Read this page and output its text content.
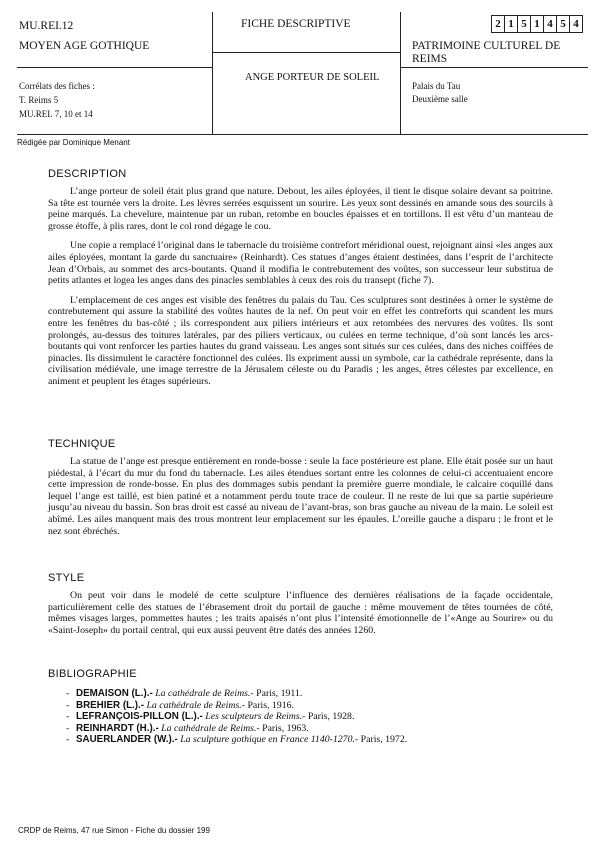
MU.REI.12
MOYEN AGE GOTHIQUE
Corrélats des fiches :
T. Reims 5
MU.REI. 7, 10 et 14
FICHE DESCRIPTIVE
ANGE PORTEUR DE SOLEIL
2 1 5 1 4 5 4
PATRIMOINE CULTUREL DE
REIMS
Palais du Tau
Deuxième salle
Rédigée par Dominique Menant
DESCRIPTION

L’ange porteur de soleil était plus grand que nature. Debout, les ailes éployées, il tient le disque solaire devant sa poitrine. Sa tête est tournée vers la droite. Les lèvres serrées esquissent un sourire. Les yeux sont dessinés en amande sous des sourcils à peine marqués. La chevelure, maintenue par un ruban, retombe en boucles épaisses et en tortillons. Il est vêtu d’un manteau de grosse étoffe, à plis rares, dont le col rond dégage le cou.

Une copie a remplacé l’original dans le tabernacle du troisième contrefort méridional ouest, rejoignant ainsi «les anges aux ailes éployées, montant la garde du sanctuaire» (Reinhardt). Ces statues d’anges étaient destinées, dans l’esprit de l’architecte Jean d’Orbais, au sommet des arcs-boutants. Quand il modifia le contrebutement des voûtes, son successeur leur substitua de petits atlantes et logea les anges dans des pinacles semblables à ceux des rois du transept (fiche 7).

L’emplacement de ces anges est visible des fenêtres du palais du Tau. Ces sculptures sont destinées à orner le système de contrebutement qui assure la stabilité des voûtes hautes de la nef. On peut voir en effet les contreforts qui scandent les murs entre les fenêtres du bas-côté ; ils correspondent aux piliers intérieurs et aux retombées des nervures des voûtes. Ils sont prolongés, au-dessus des toitures latérales, par des piliers verticaux, ou culées en terme technique, d’où sont lancés les arcs-boutants qui vont renforcer les parties hautes du grand vaisseau. Les anges sont situés sur ces culées, dans des niches coiffées de pinacles. Ils dissimulent le caractère fonctionnel des culées. Ils expriment aussi un symbole, car la cathédrale représente, dans la civilisation médiévale, une image terrestre de la Jérusalem céleste ou du Paradis ; les anges, êtres célestes par excellence, en animent et peuplent les étages supérieurs.

TECHNIQUE

La statue de l’ange est presque entièrement en ronde-bosse : seule la face postérieure est plane. Elle était posée sur un haut piédestal, à l’écart du mur du fond du tabernacle. Les ailes étendues sortant entre les colonnes de celui-ci accentuaient encore cette impression de ronde-bosse. En plus des dommages subis pendant la première guerre mondiale, le calcaire coquillé dans lequel l’ange est taillé, est bien patiné et a notamment perdu toute trace de couleur. Il ne reste de lui que sa partie supérieure jusqu’au niveau du bassin. Son bras droit est cassé au niveau de l’avant-bras, son bras gauche au niveau de la main. Le soleil est abîmé. Les ailes manquent mais des trous montrent leur emplacement sur les épaules. L’oreille gauche a disparu ; le front et le nez sont ébréchés.

STYLE

On peut voir dans le modelé de cette sculpture l’influence des dernières réalisations de la façade occidentale, particulièrement celle des statues de l’ébrasement droit du portail de gauche : même mouvement de têtes tournées de côté, mêmes visages larges, pommettes hautes ; les traits apaisés n’ont plus l’intensité émotionnelle de l’«Ange au Sourire» ou du «Saint-Joseph» du portail central, qui eux aussi peuvent être datés des années 1260.

BIBLIOGRAPHIE
- DEMAISON (L.).- La cathédrale de Reims.- Paris, 1911.
- BREHIER (L.).- La cathédrale de Reims.- Paris, 1916.
- LEFRANÇOIS-PILLON (L.).- Les sculpteurs de Reims.- Paris, 1928.
- REINHARDT (H.).- La cathédrale de Reims.- Paris, 1963.
- SAUERLANDER (W.).- La sculpture gothique en France 1140-1270.- Paris, 1972.
CRDP de Reims, 47 rue Simon - Fiche du dossier 199
